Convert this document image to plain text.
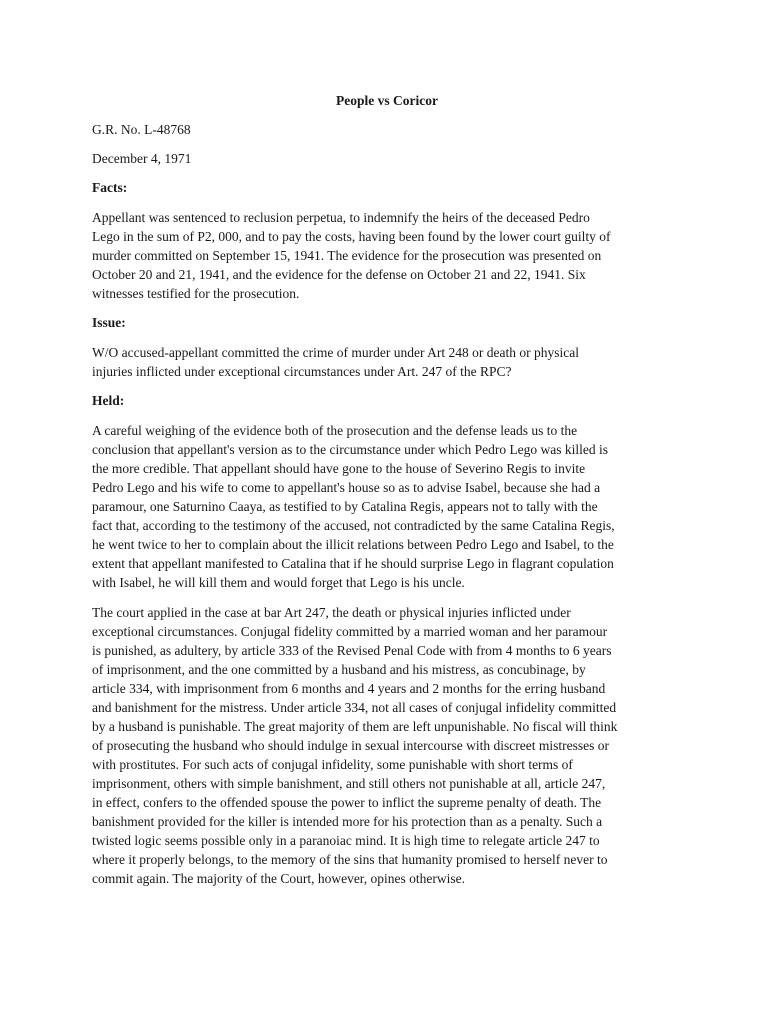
People vs Coricor
G.R. No. L-48768
December 4, 1971
Facts:
Appellant was sentenced to reclusion perpetua, to indemnify the heirs of the deceased Pedro
Lego in the sum of P2, 000, and to pay the costs, having been found by the lower court guilty of
murder committed on September 15, 1941. The evidence for the prosecution was presented on
October 20 and 21, 1941, and the evidence for the defense on October 21 and 22, 1941. Six
witnesses testified for the prosecution.
Issue:
W/O accused-appellant committed the crime of murder under Art 248 or death or physical
injuries inflicted under exceptional circumstances under Art. 247 of the RPC?
Held:
A careful weighing of the evidence both of the prosecution and the defense leads us to the
conclusion that appellant's version as to the circumstance under which Pedro Lego was killed is
the more credible. That appellant should have gone to the house of Severino Regis to invite
Pedro Lego and his wife to come to appellant's house so as to advise Isabel, because she had a
paramour, one Saturnino Caaya, as testified to by Catalina Regis, appears not to tally with the
fact that, according to the testimony of the accused, not contradicted by the same Catalina Regis,
he went twice to her to complain about the illicit relations between Pedro Lego and Isabel, to the
extent that appellant manifested to Catalina that if he should surprise Lego in flagrant copulation
with Isabel, he will kill them and would forget that Lego is his uncle.
The court applied in the case at bar Art 247, the death or physical injuries inflicted under
exceptional circumstances. Conjugal fidelity committed by a married woman and her paramour
is punished, as adultery, by article 333 of the Revised Penal Code with from 4 months to 6 years
of imprisonment, and the one committed by a husband and his mistress, as concubinage, by
article 334, with imprisonment from 6 months and 4 years and 2 months for the erring husband
and banishment for the mistress. Under article 334, not all cases of conjugal infidelity committed
by a husband is punishable. The great majority of them are left unpunishable. No fiscal will think
of prosecuting the husband who should indulge in sexual intercourse with discreet mistresses or
with prostitutes. For such acts of conjugal infidelity, some punishable with short terms of
imprisonment, others with simple banishment, and still others not punishable at all, article 247,
in effect, confers to the offended spouse the power to inflict the supreme penalty of death. The
banishment provided for the killer is intended more for his protection than as a penalty. Such a
twisted logic seems possible only in a paranoiac mind. It is high time to relegate article 247 to
where it properly belongs, to the memory of the sins that humanity promised to herself never to
commit again. The majority of the Court, however, opines otherwise.
